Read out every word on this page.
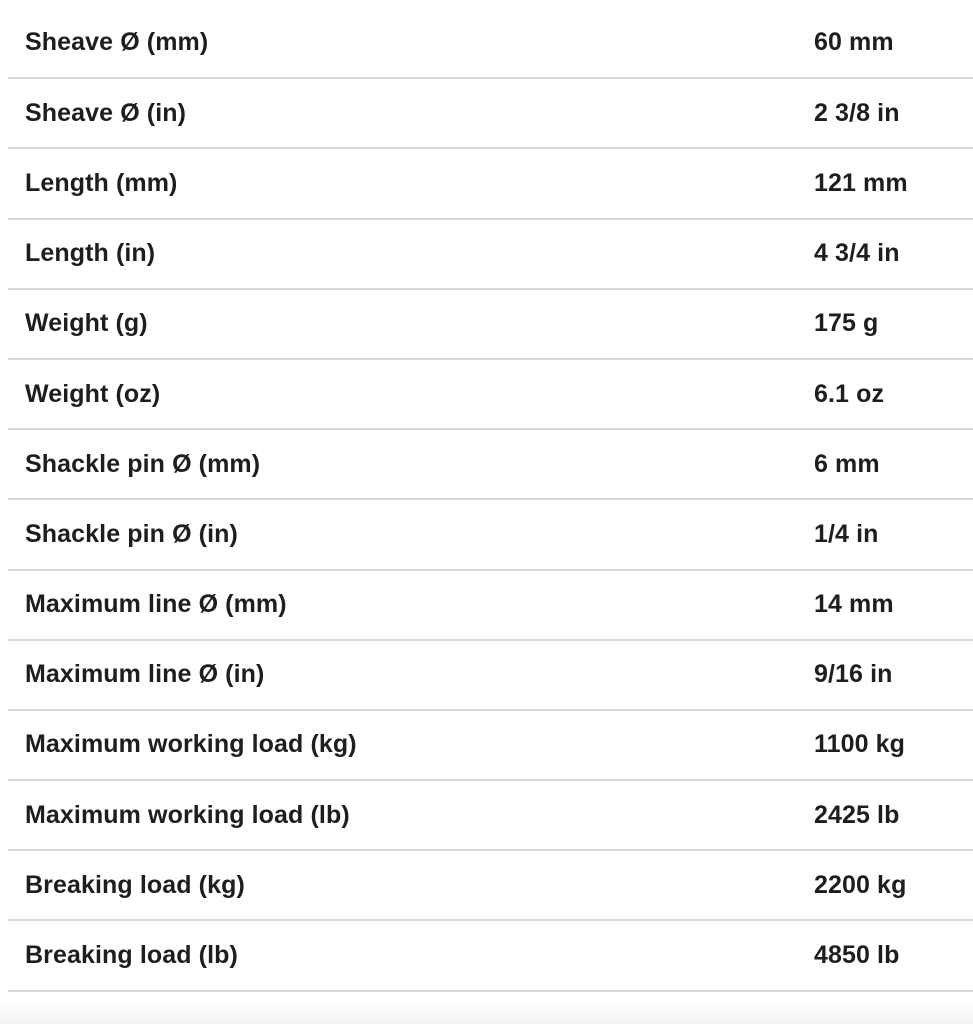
Sheave Ø (mm)	60 mm
Sheave Ø (in)	2 3/8 in
Length (mm)	121 mm
Length (in)	4 3/4 in
Weight (g)	175 g
Weight (oz)	6.1 oz
Shackle pin Ø (mm)	6 mm
Shackle pin Ø (in)	1/4 in
Maximum line Ø (mm)	14 mm
Maximum line Ø (in)	9/16 in
Maximum working load (kg)	1100 kg
Maximum working load (lb)	2425 lb
Breaking load (kg)	2200 kg
Breaking load (lb)	4850 lb
